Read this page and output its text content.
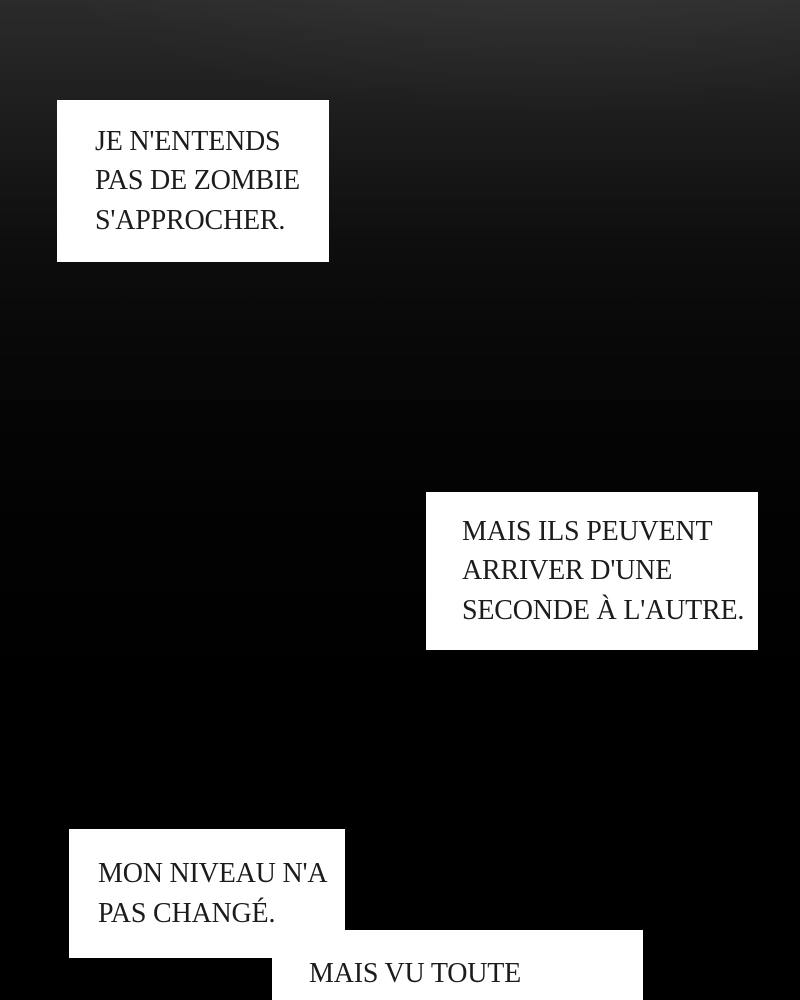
JE N'ENTENDS
PAS DE ZOMBIE
S'APPROCHER.
MAIS ILS PEUVENT
ARRIVER D'UNE
SECONDE À L'AUTRE.
MON NIVEAU N'A
PAS CHANGÉ.
MAIS VU TOUTE
